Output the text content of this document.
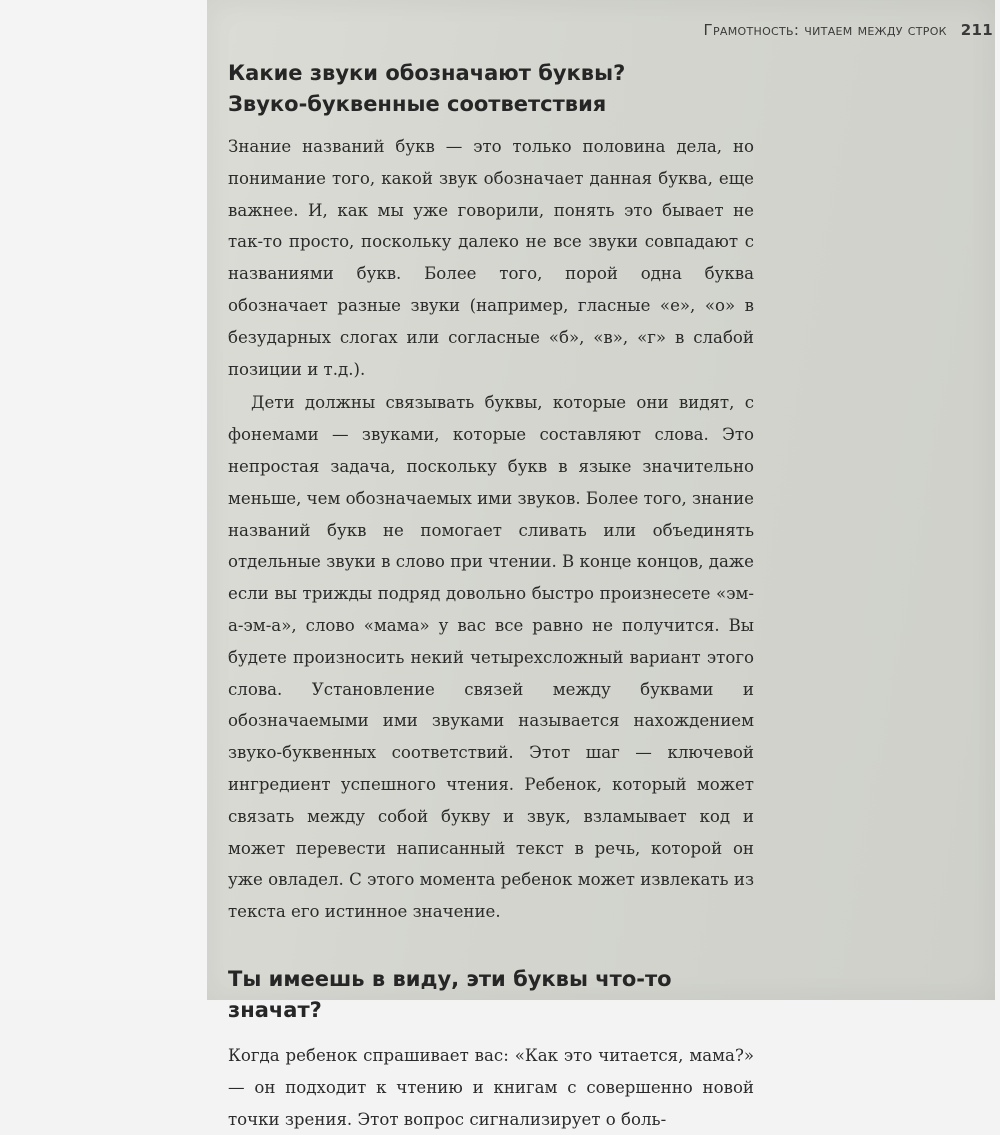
Грамотность: читаем между строк 211
Какие звуки обозначают буквы?
Звуко-буквенные соответствия

Знание названий букв — это только половина дела, но понимание того, какой звук обозначает данная буква, еще важнее. И, как мы уже говорили, понять это бывает не так-то просто, поскольку далеко не все звуки совпадают с названиями букв. Более того, порой одна буква обозначает разные звуки (например, гласные «е», «о» в безударных слогах или согласные «б», «в», «г» в слабой позиции и т.д.).

Дети должны связывать буквы, которые они видят, с фонемами — звуками, которые составляют слова. Это непростая задача, поскольку букв в языке значительно меньше, чем обозначаемых ими звуков. Более того, знание названий букв не помогает сливать или объединять отдельные звуки в слово при чтении. В конце концов, даже если вы трижды подряд довольно быстро произнесете «эм-а-эм-а», слово «мама» у вас все равно не получится. Вы будете произносить некий четырехсложный вариант этого слова. Установление связей между буквами и обозначаемыми ими звуками называется нахождением звуко-буквенных соответствий. Этот шаг — ключевой ингредиент успешного чтения. Ребенок, который может связать между собой букву и звук, взламывает код и может перевести написанный текст в речь, которой он уже овладел. С этого момента ребенок может извлекать из текста его истинное значение.

Ты имеешь в виду, эти буквы что-то значат?

Когда ребенок спрашивает вас: «Как это читается, мама?» — он подходит к чтению и книгам с совершенно новой точки зрения. Этот вопрос сигнализирует о боль-
